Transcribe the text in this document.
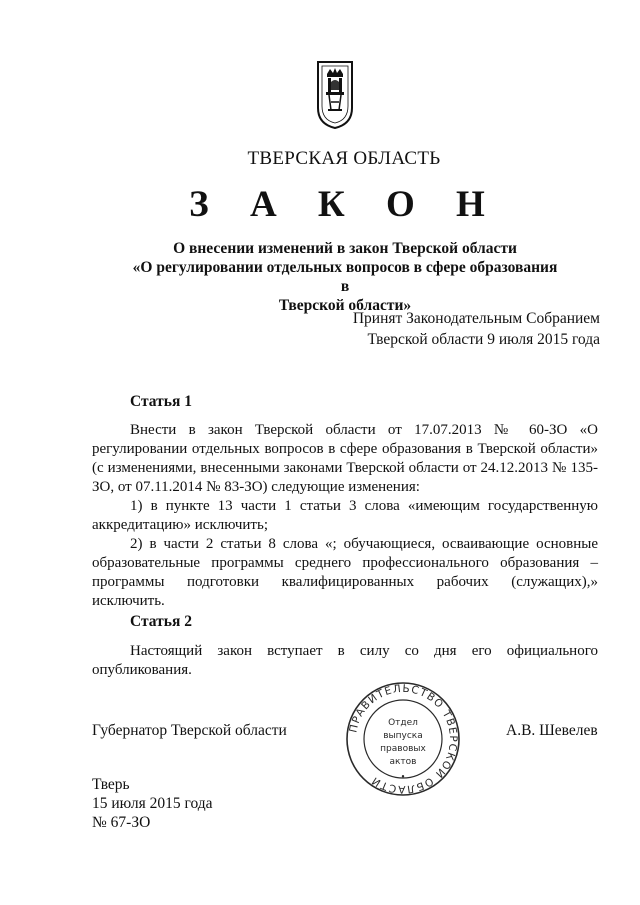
ТВЕРСКАЯ ОБЛАСТЬ
З А К О Н
О внесении изменений в закон Тверской области
«О регулировании отдельных вопросов в сфере образования в
Тверской области»
Принят Законодательным Собранием
Тверской области 9 июля 2015 года
Статья 1

Внести в закон Тверской области от 17.07.2013 № 60-ЗО «О регулировании отдельных вопросов в сфере образования в Тверской области» (с изменениями, внесенными законами Тверской области от 24.12.2013 № 135-ЗО, от 07.11.2014 № 83-ЗО) следующие изменения:

1) в пункте 13 части 1 статьи 3 слова «имеющим государственную аккредитацию» исключить;

2) в части 2 статьи 8 слова «; обучающиеся, осваивающие основные образовательные программы среднего профессионального образования – программы подготовки квалифицированных рабочих (служащих),» исключить.

Статья 2

Настоящий закон вступает в силу со дня его официального опубликования.

Губернатор Тверской области	А.В. Шевелев
ПРАВИТЕЛЬСТВО ТВЕРСКОЙ ОБЛАСТИ	•
Отдел
выпуска
правовых
актов
Тверь
15 июля 2015 года
№ 67-ЗО
